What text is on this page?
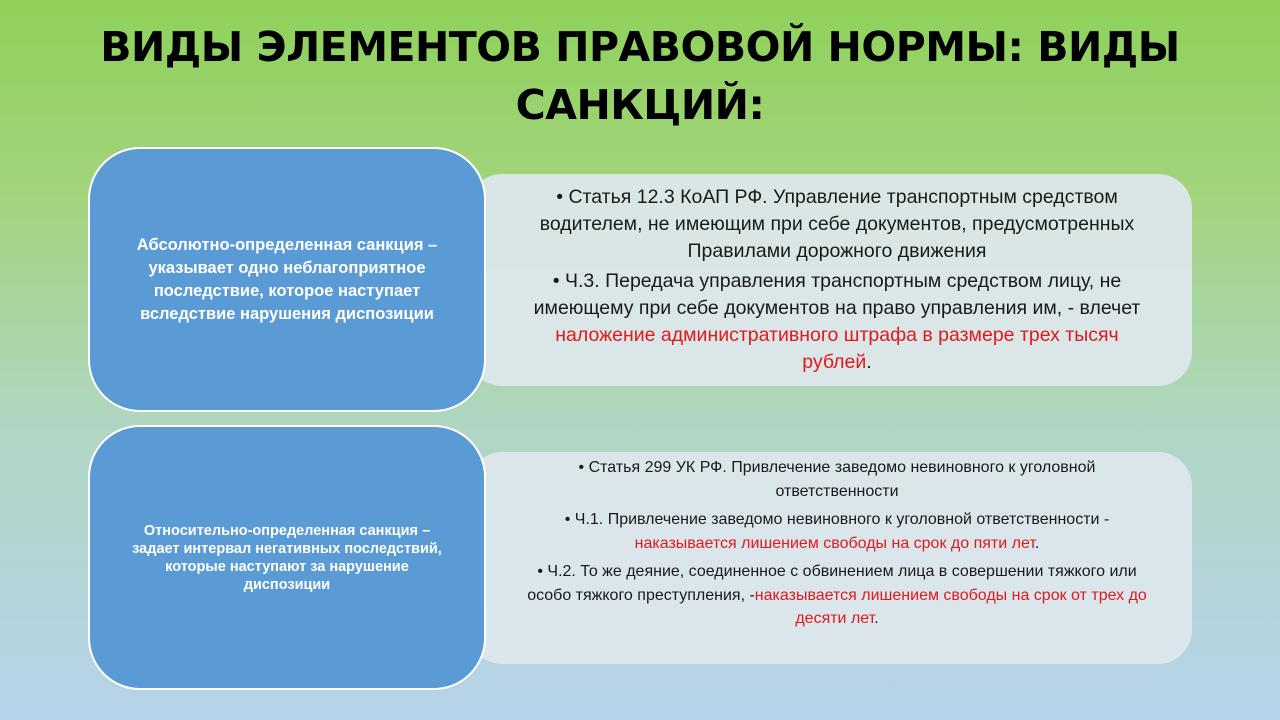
ВИДЫ ЭЛЕМЕНТОВ ПРАВОВОЙ НОРМЫ: ВИДЫ САНКЦИЙ:
Абсолютно-определенная санкция – указывает одно неблагоприятное последствие, которое наступает вследствие нарушения диспозиции
• Статья 12.3 КоАП РФ. Управление транспортным средством водителем, не имеющим при себе документов, предусмотренных Правилами дорожного движения
• Ч.3. Передача управления транспортным средством лицу, не имеющему при себе документов на право управления им, - влечет наложение административного штрафа в размере трех тысяч рублей.
Относительно-определенная санкция – задает интервал негативных последствий, которые наступают за нарушение диспозиции
• Статья 299 УК РФ. Привлечение заведомо невиновного к уголовной ответственности
• Ч.1. Привлечение заведомо невиновного к уголовной ответственности - наказывается лишением свободы на срок до пяти лет.
• Ч.2. То же деяние, соединенное с обвинением лица в совершении тяжкого или особо тяжкого преступления, -наказывается лишением свободы на срок от трех до десяти лет.
